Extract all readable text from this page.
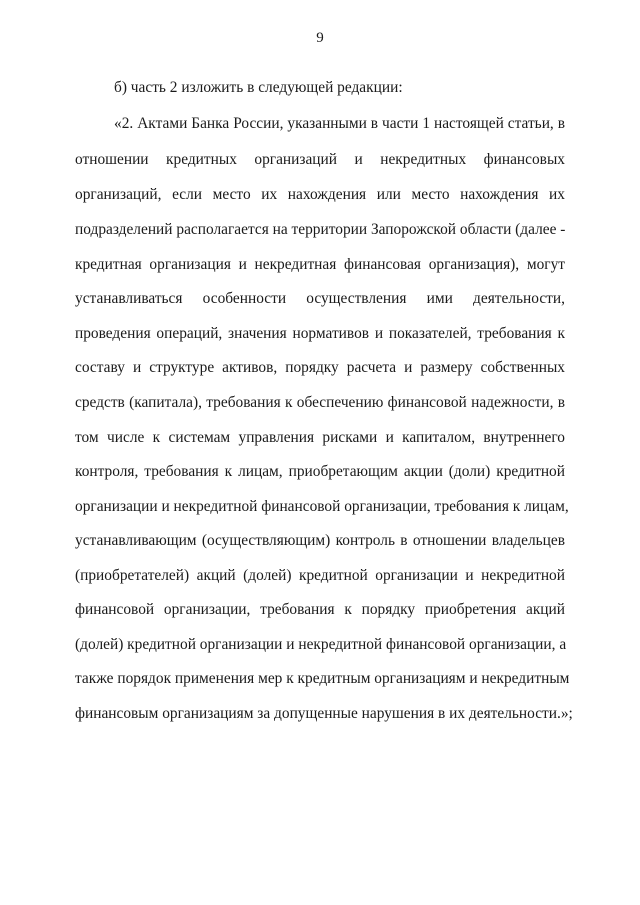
9
б) часть 2 изложить в следующей редакции:
«2. Актами Банка России, указанными в части 1 настоящей статьи, в
отношении кредитных организаций и некредитных финансовых
организаций, если место их нахождения или место нахождения их
подразделений располагается на территории Запорожской области (далее -
кредитная организация и некредитная финансовая организация), могут
устанавливаться особенности осуществления ими деятельности,
проведения операций, значения нормативов и показателей, требования к
составу и структуре активов, порядку расчета и размеру собственных
средств (капитала), требования к обеспечению финансовой надежности, в
том числе к системам управления рисками и капиталом, внутреннего
контроля, требования к лицам, приобретающим акции (доли) кредитной
организации и некредитной финансовой организации, требования к лицам,
устанавливающим (осуществляющим) контроль в отношении владельцев
(приобретателей) акций (долей) кредитной организации и некредитной
финансовой организации, требования к порядку приобретения акций
(долей) кредитной организации и некредитной финансовой организации, а
также порядок применения мер к кредитным организациям и некредитным
финансовым организациям за допущенные нарушения в их деятельности.»;
